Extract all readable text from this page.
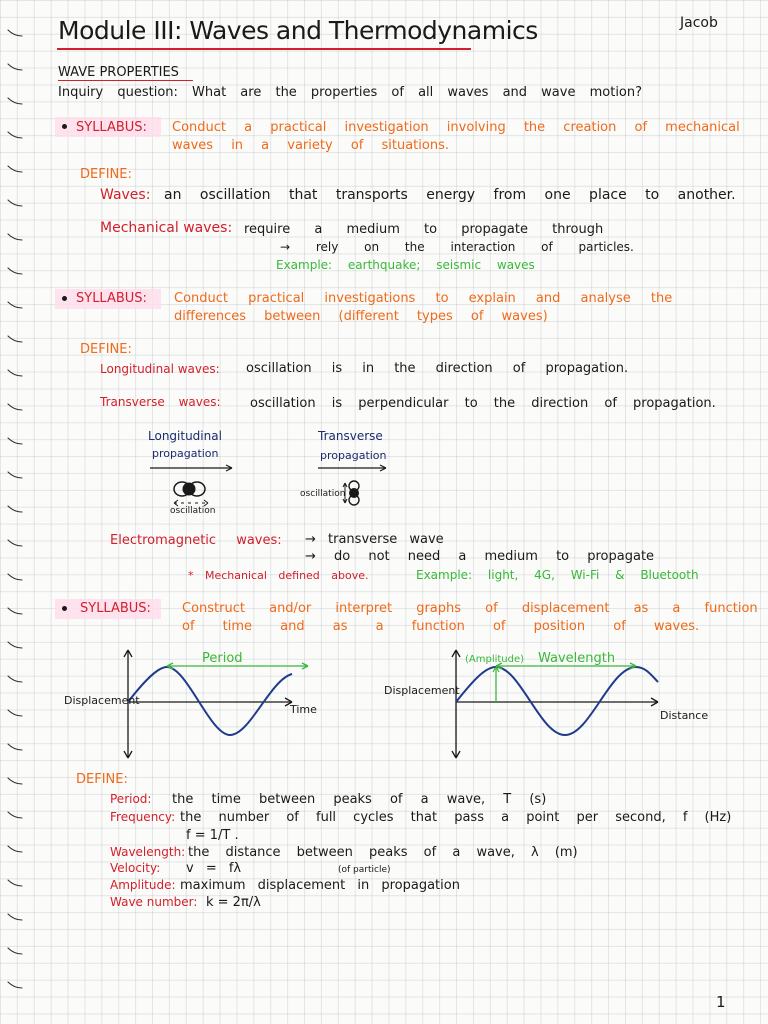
Module III: Waves and Thermodynamics	Jacob
WAVE PROPERTIES
Inquiry question: What are the properties of all waves and wave motion?
SYLLABUS: Conduct a practical investigation involving the creation of mechanical
waves in a variety of situations.
DEFINE:
Waves: an oscillation that transports energy from one place to another.
Mechanical waves: require a medium to propagate through
→ rely on the interaction of particles.
Example: earthquake; seismic waves
SYLLABUS: Conduct practical investigations to explain and analyse the
differences between (different types of waves)
DEFINE:
Longitudinal waves: oscillation is in the direction of propagation.
Transverse waves: oscillation is perpendicular to the direction of propagation.
Longitudinal
propagation
oscillation
Transverse
propagation
oscillation
Electromagnetic waves: → transverse wave
→ do not need a medium to propagate
* Mechanical defined above.	Example: light, 4G, Wi-Fi & Bluetooth
SYLLABUS: Construct and/or interpret graphs of displacement as a function
of time and as a function of position of waves.
Displacement
Time
Period
Displacement
Distance
Wavelength
(Amplitude)
DEFINE:
Period: the time between peaks of a wave, T (s)
Frequency: the number of full cycles that pass a point per second, f (Hz)
f = 1/T .
Wavelength: the distance between peaks of a wave, λ (m)
Velocity: v = fλ	(of particle)
Amplitude: maximum displacement in propagation
Wave number: k = 2π/λ
1
